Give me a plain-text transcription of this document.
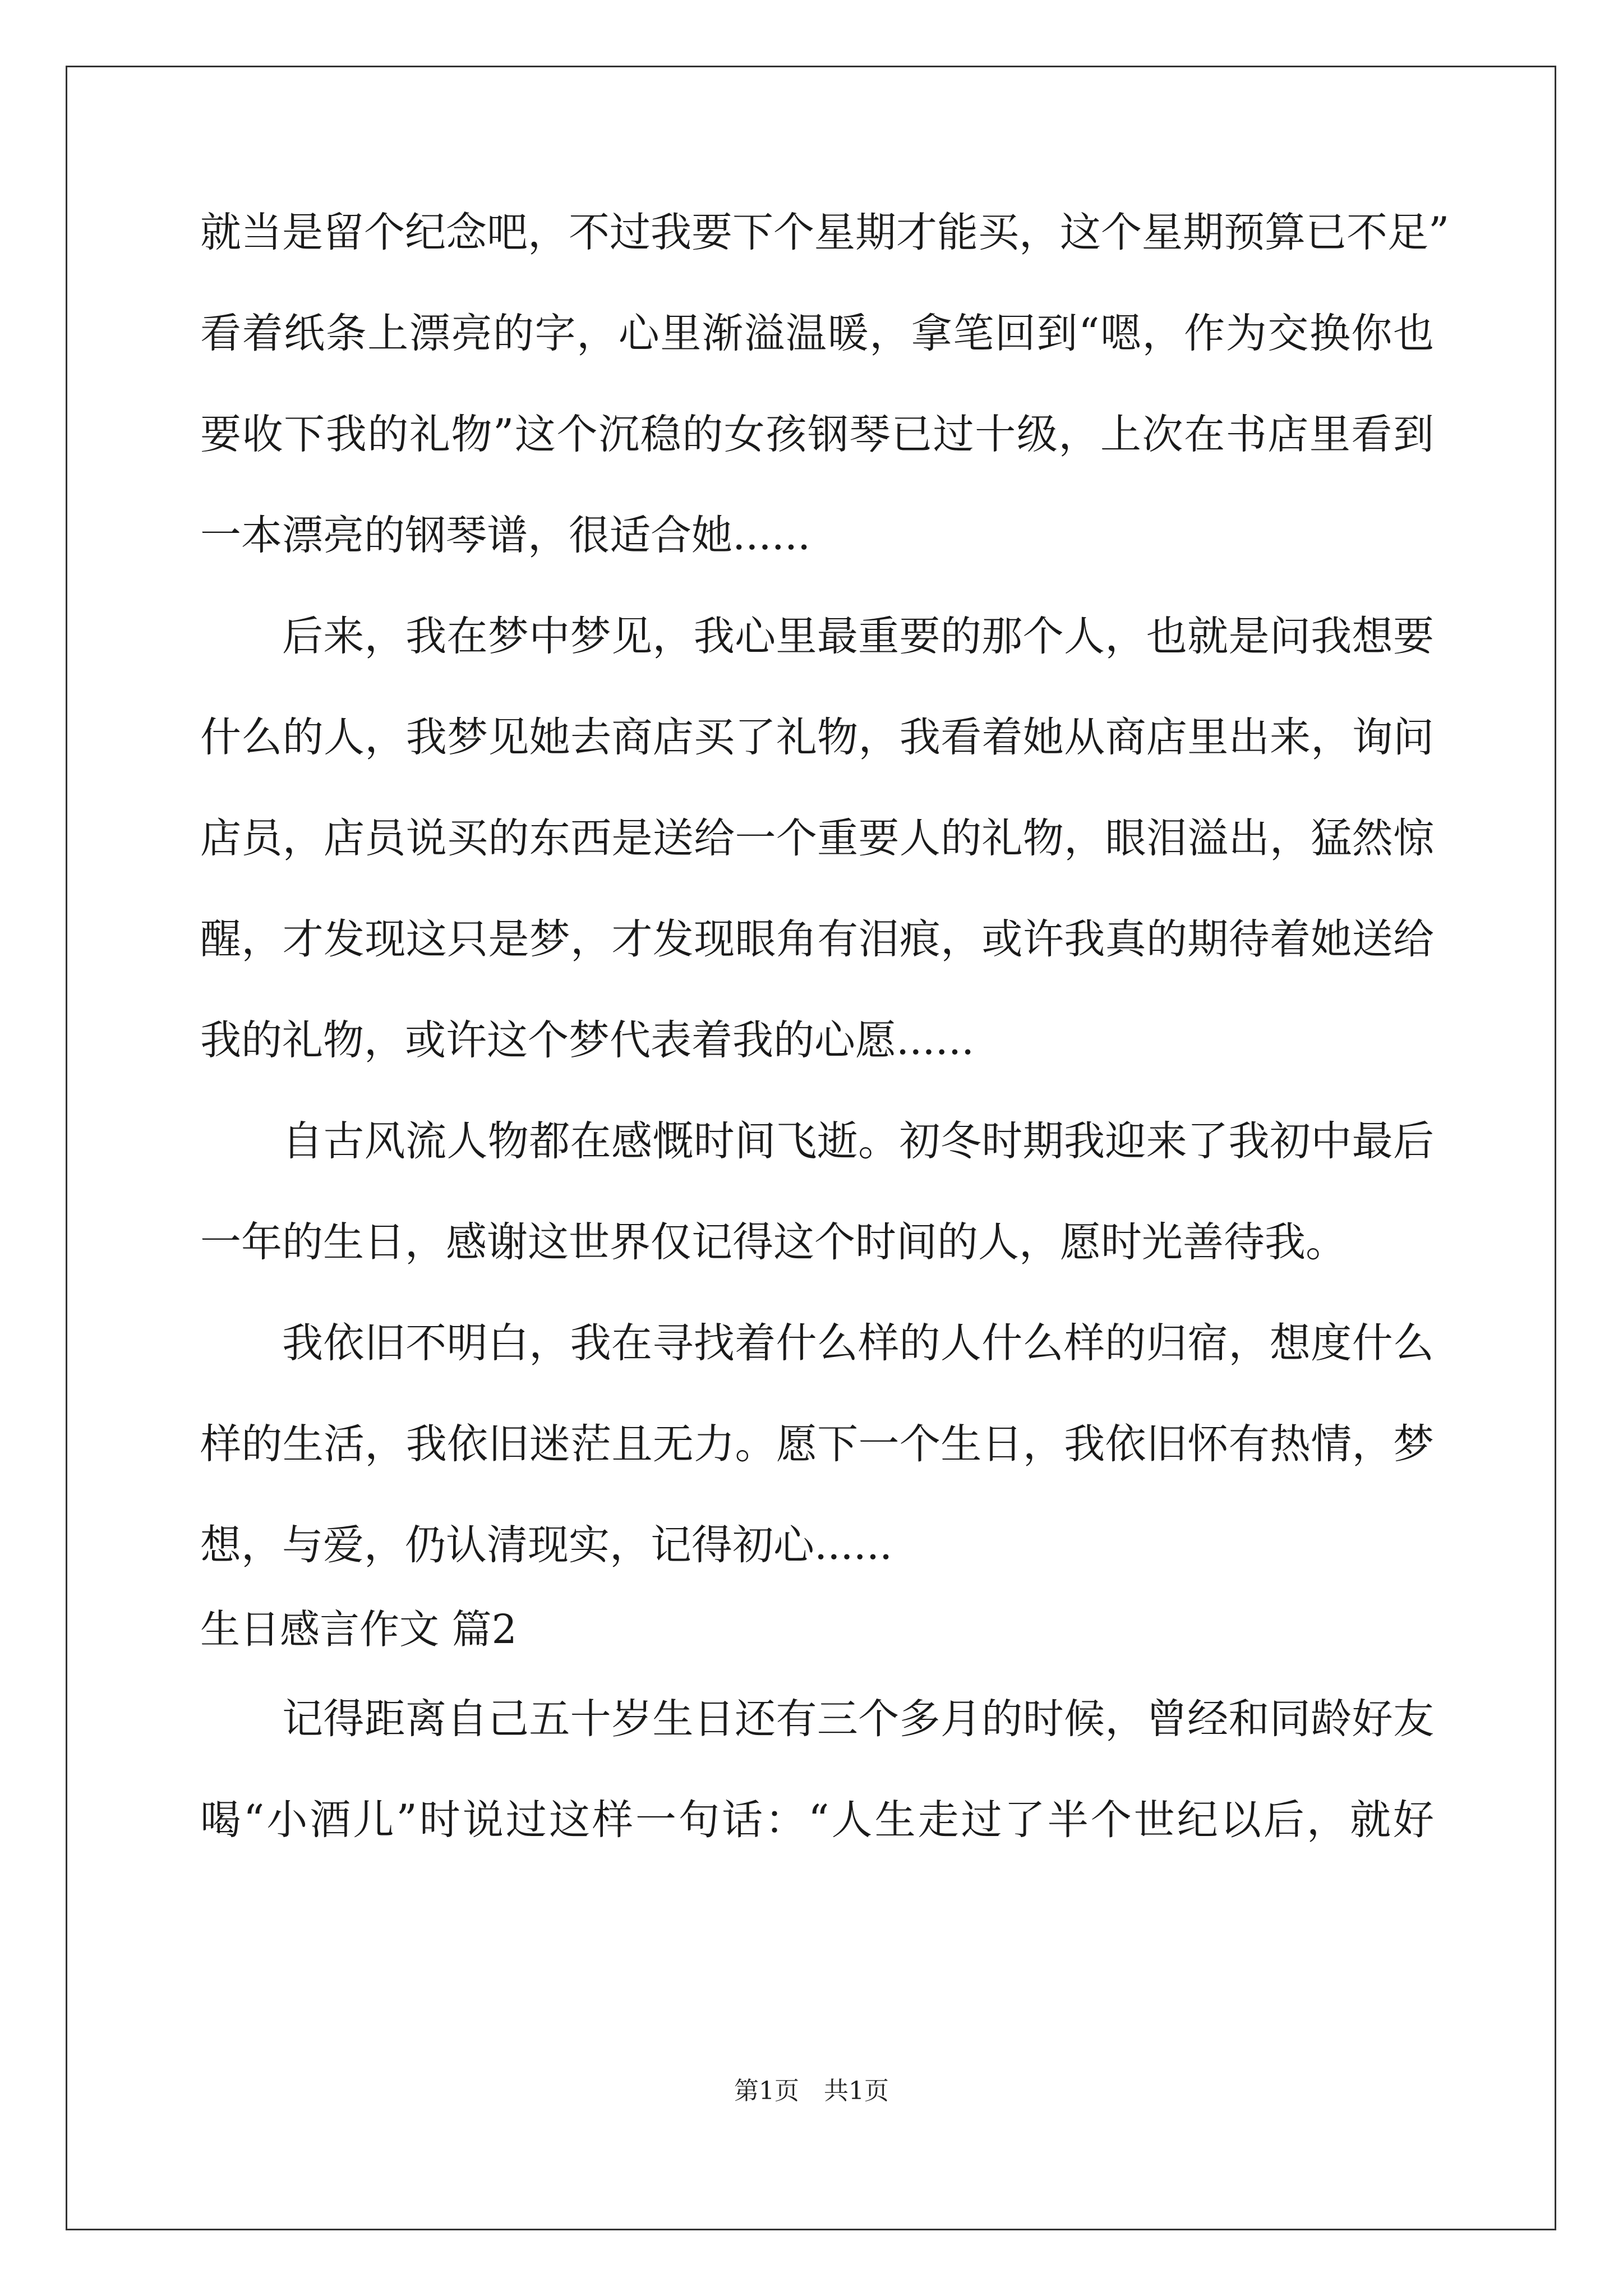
就当是留个纪念吧，不过我要下个星期才能买，这个星期预算已不足”
看着纸条上漂亮的字，心里渐溢温暖，拿笔回到“嗯，作为交换你也
要收下我的礼物”这个沉稳的女孩钢琴已过十级，上次在书店里看到
一本漂亮的钢琴谱，很适合她......
后来，我在梦中梦见，我心里最重要的那个人，也就是问我想要
什么的人，我梦见她去商店买了礼物，我看着她从商店里出来，询问
店员，店员说买的东西是送给一个重要人的礼物，眼泪溢出，猛然惊
醒，才发现这只是梦，才发现眼角有泪痕，或许我真的期待着她送给
我的礼物，或许这个梦代表着我的心愿......
自古风流人物都在感慨时间飞逝。初冬时期我迎来了我初中最后
一年的生日，感谢这世界仅记得这个时间的人，愿时光善待我。
我依旧不明白，我在寻找着什么样的人什么样的归宿，想度什么
样的生活，我依旧迷茫且无力。愿下一个生日，我依旧怀有热情，梦
想，与爱，仍认清现实，记得初心......
生日感言作文 篇2
记得距离自己五十岁生日还有三个多月的时候，曾经和同龄好友
喝“小酒儿”时说过这样一句话：“人生走过了半个世纪以后，就好
第1页　共1页
